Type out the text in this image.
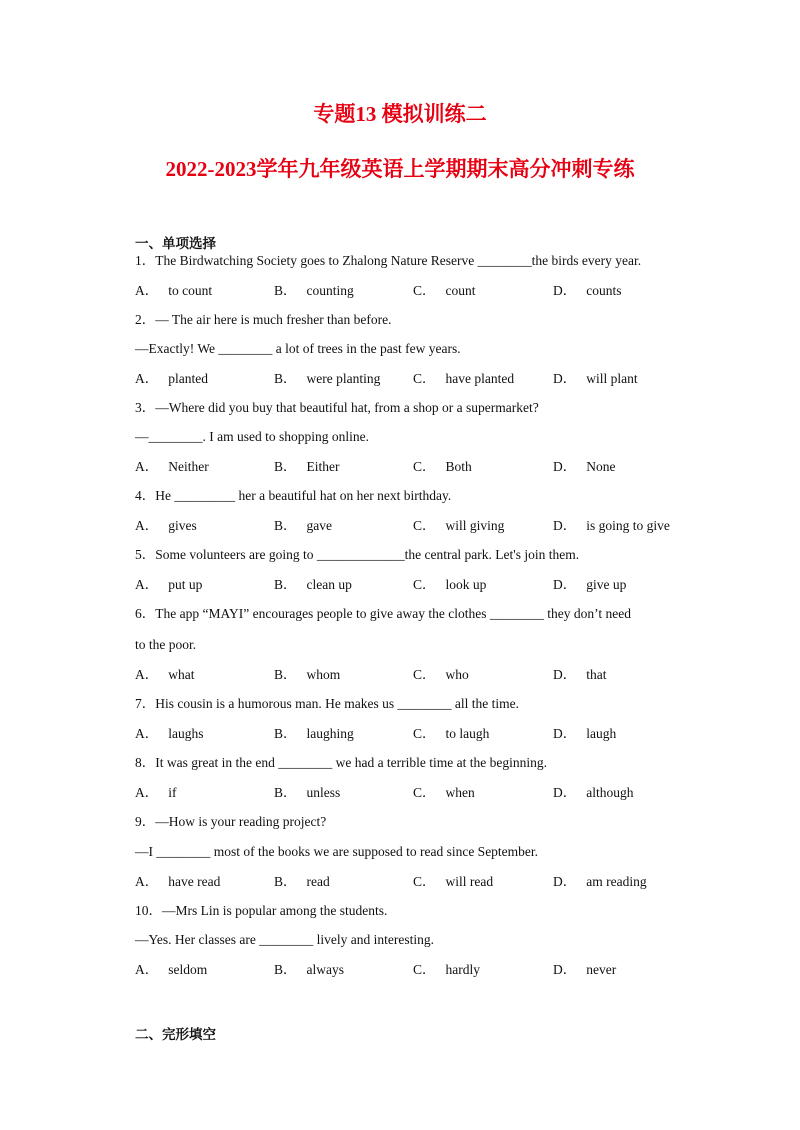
专题13 模拟训练二
2022-2023学年九年级英语上学期期末高分冲刺专练
一、单项选择
1．The Birdwatching Society goes to Zhalong Nature Reserve ________the birds every year.
A． to count	B． counting	C． count	D． counts
2．— The air here is much fresher than before.
—Exactly! We ________ a lot of trees in the past few years.
A． planted	B． were planting C． have planted	D． will plant
3．—Where did you buy that beautiful hat, from a shop or a supermarket?
—________. I am used to shopping online.
A． Neither	B． Either	C． Both	D． None
4．He _________ her a beautiful hat on her next birthday.
A． gives	B． gave	C． will giving	D． is going to give
5．Some volunteers are going to _____________the central park. Let's join them.
A． put up	B． clean up	C． look up	D． give up
6．The app “MAYI” encourages people to give away the clothes ________ they don’t need
to the poor.
A． what	B． whom	C． who	D． that
7．His cousin is a humorous man. He makes us ________ all the time.
A． laughs	B． laughing	C． to laugh	D． laugh
8．It was great in the end ________ we had a terrible time at the beginning.
A． if	B． unless	C． when	D． although
9．—How is your reading project?
—I ________ most of the books we are supposed to read since September.
A． have read	B． read	C． will read	D． am reading
10．—Mrs Lin is popular among the students.
—Yes. Her classes are ________ lively and interesting.
A． seldom	B． always	C． hardly	D． never
二、完形填空
